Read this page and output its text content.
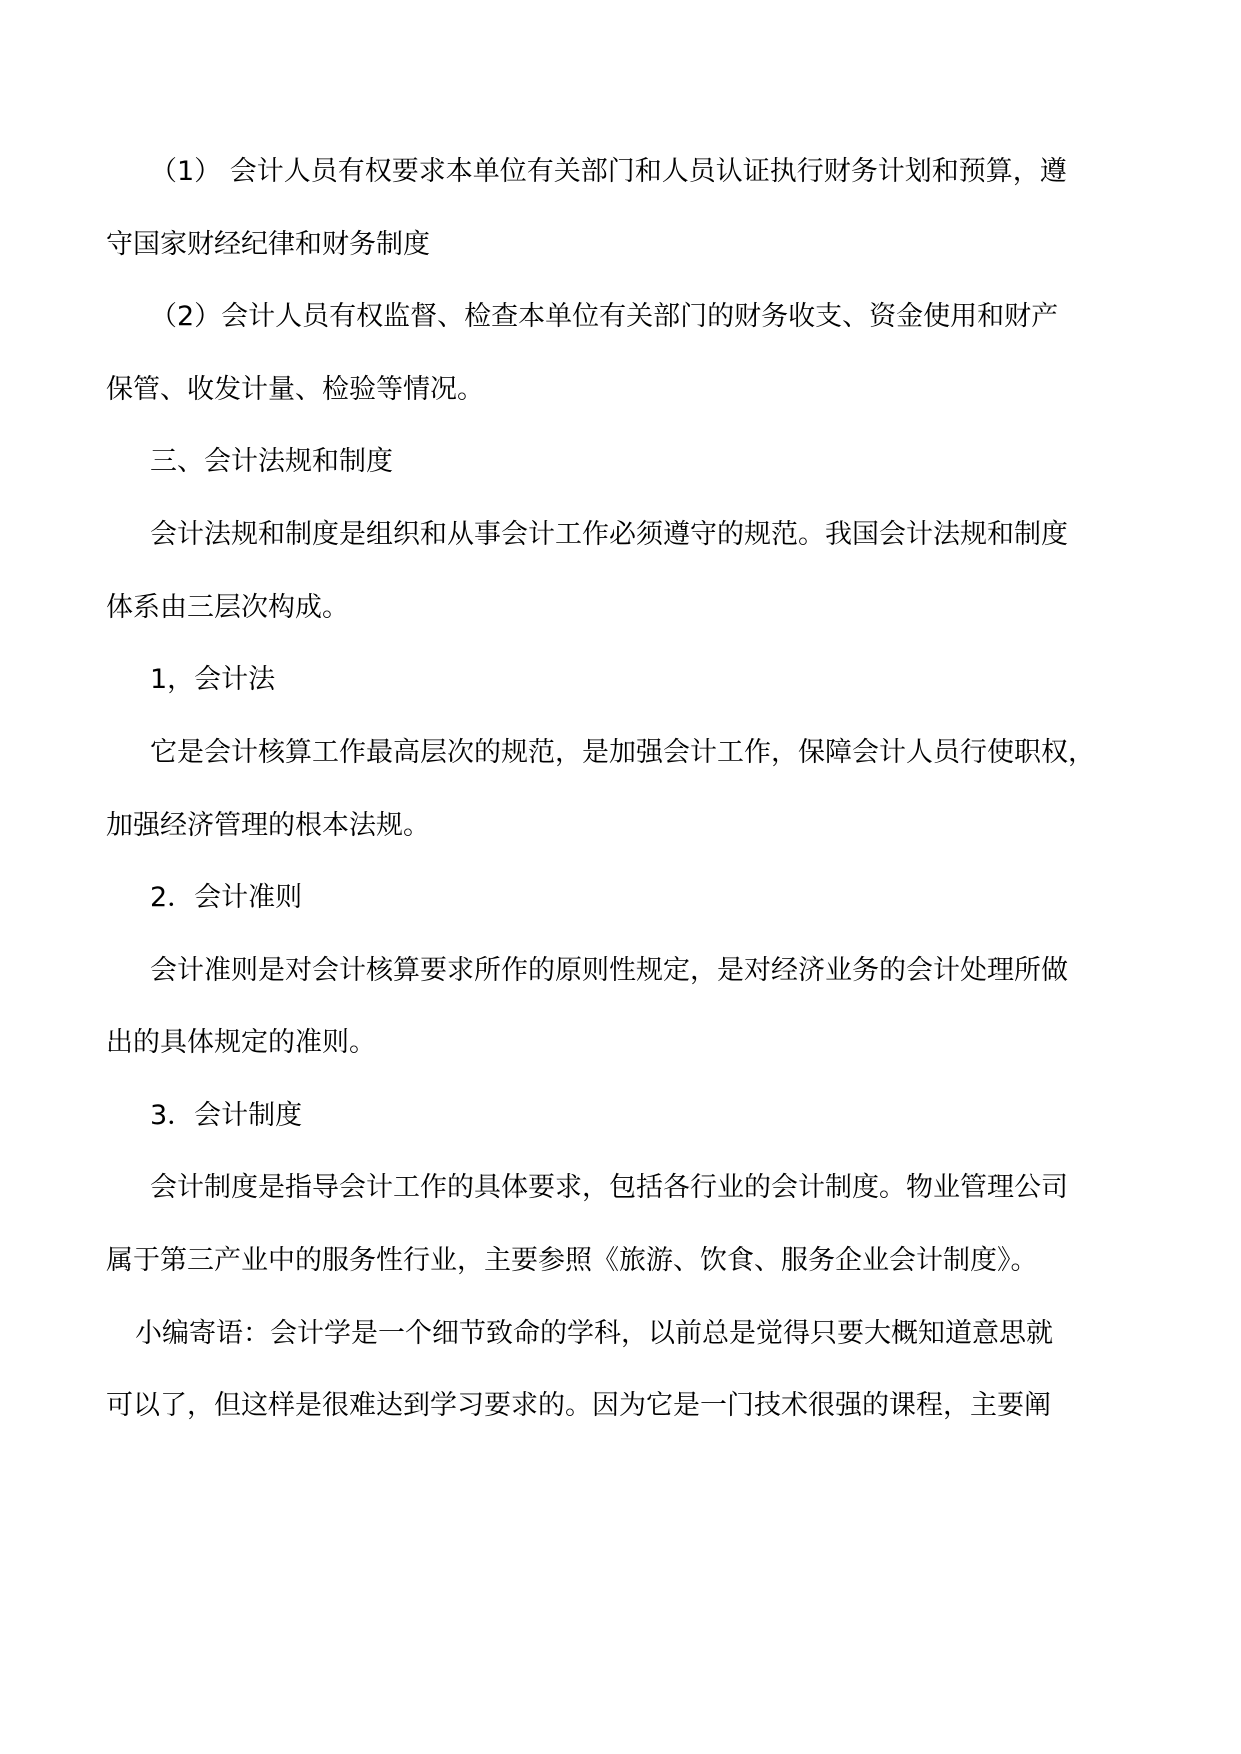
（1） 会计人员有权要求本单位有关部门和人员认证执行财务计划和预算，遵
守国家财经纪律和财务制度
（2）会计人员有权监督、检查本单位有关部门的财务收支、资金使用和财产
保管、收发计量、检验等情况。
三、会计法规和制度
会计法规和制度是组织和从事会计工作必须遵守的规范。我国会计法规和制度
体系由三层次构成。
1，会计法
它是会计核算工作最高层次的规范，是加强会计工作，保障会计人员行使职权，
加强经济管理的根本法规。
2．会计准则
会计准则是对会计核算要求所作的原则性规定，是对经济业务的会计处理所做
出的具体规定的准则。
3．会计制度
会计制度是指导会计工作的具体要求，包括各行业的会计制度。物业管理公司
属于第三产业中的服务性行业，主要参照《旅游、饮食、服务企业会计制度》。
小编寄语：会计学是一个细节致命的学科，以前总是觉得只要大概知道意思就
可以了，但这样是很难达到学习要求的。因为它是一门技术很强的课程，主要阐
